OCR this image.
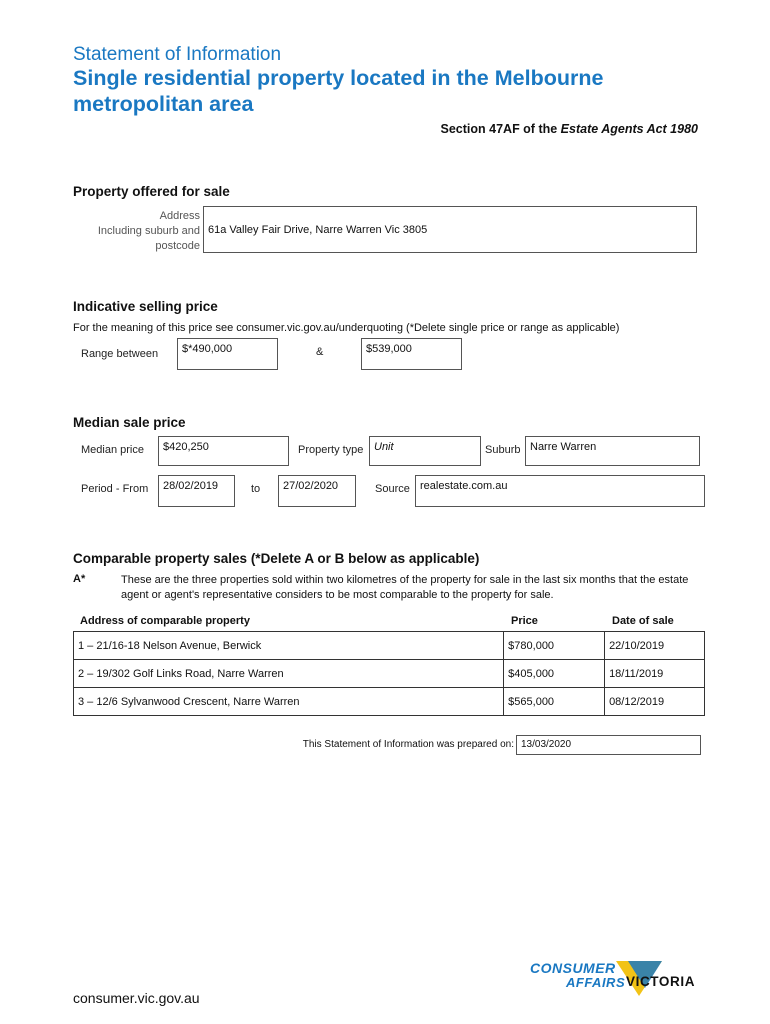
Statement of Information
Single residential property located in the Melbourne metropolitan area
Section 47AF of the Estate Agents Act 1980
Property offered for sale
Address
Including suburb and
postcode
61a Valley Fair Drive, Narre Warren Vic 3805
Indicative selling price
For the meaning of this price see consumer.vic.gov.au/underquoting (*Delete single price or range as applicable)
Range between	$*490,000	&	$539,000
Median sale price
Median price	$420,250	Property type Unit	Suburb Narre Warren
Period - From	28/02/2019	to	27/02/2020	Source realestate.com.au
Comparable property sales (*Delete A or B below as applicable)
A*	These are the three properties sold within two kilometres of the property for sale in the last six months that the estate agent or agent's representative considers to be most comparable to the property for sale.
Address of comparable property	Price	Date of sale
1 – 21/16-18 Nelson Avenue, Berwick	$780,000	22/10/2019
2 – 19/302 Golf Links Road, Narre Warren	$405,000	18/11/2019
3 – 12/6 Sylvanwood Crescent, Narre Warren	$565,000	08/12/2019
This Statement of Information was prepared on: 13/03/2020
consumer.vic.gov.au
CONSUMER
AFFAIRS VICTORIA
